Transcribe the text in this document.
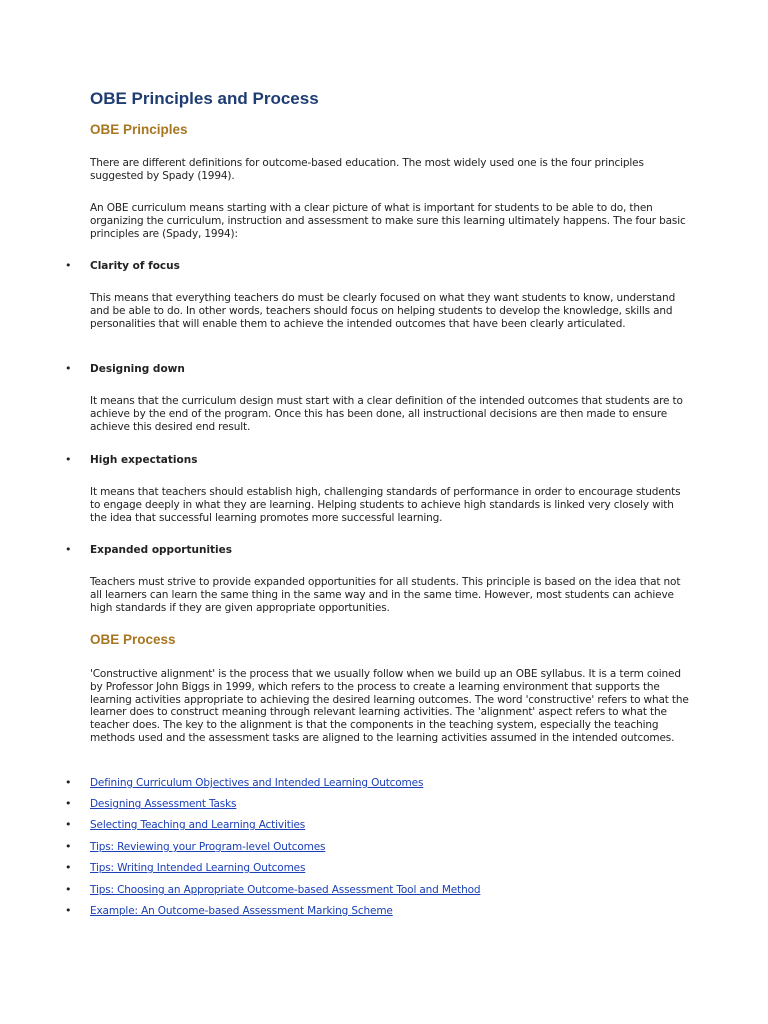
OBE Principles and Process
OBE Principles

There are different definitions for outcome-based education. The most widely used one is the four principles suggested by Spady (1994).

An OBE curriculum means starting with a clear picture of what is important for students to be able to do, then organizing the curriculum, instruction and assessment to make sure this learning ultimately happens. The four basic principles are (Spady, 1994):

• Clarity of focus

This means that everything teachers do must be clearly focused on what they want students to know, understand and be able to do. In other words, teachers should focus on helping students to develop the knowledge, skills and personalities that will enable them to achieve the intended outcomes that have been clearly articulated.

• Designing down

It means that the curriculum design must start with a clear definition of the intended outcomes that students are to achieve by the end of the program. Once this has been done, all instructional decisions are then made to ensure achieve this desired end result.

• High expectations

It means that teachers should establish high, challenging standards of performance in order to encourage students to engage deeply in what they are learning. Helping students to achieve high standards is linked very closely with the idea that successful learning promotes more successful learning.

• Expanded opportunities

Teachers must strive to provide expanded opportunities for all students. This principle is based on the idea that not all learners can learn the same thing in the same way and in the same time. However, most students can achieve high standards if they are given appropriate opportunities.

OBE Process

'Constructive alignment' is the process that we usually follow when we build up an OBE syllabus. It is a term coined by Professor John Biggs in 1999, which refers to the process to create a learning environment that supports the learning activities appropriate to achieving the desired learning outcomes. The word 'constructive' refers to what the learner does to construct meaning through relevant learning activities. The 'alignment' aspect refers to what the teacher does. The key to the alignment is that the components in the teaching system, especially the teaching methods used and the assessment tasks are aligned to the learning activities assumed in the intended outcomes.

• Defining Curriculum Objectives and Intended Learning Outcomes
• Designing Assessment Tasks
• Selecting Teaching and Learning Activities
• Tips: Reviewing your Program-level Outcomes
• Tips: Writing Intended Learning Outcomes
• Tips: Choosing an Appropriate Outcome-based Assessment Tool and Method
• Example: An Outcome-based Assessment Marking Scheme
